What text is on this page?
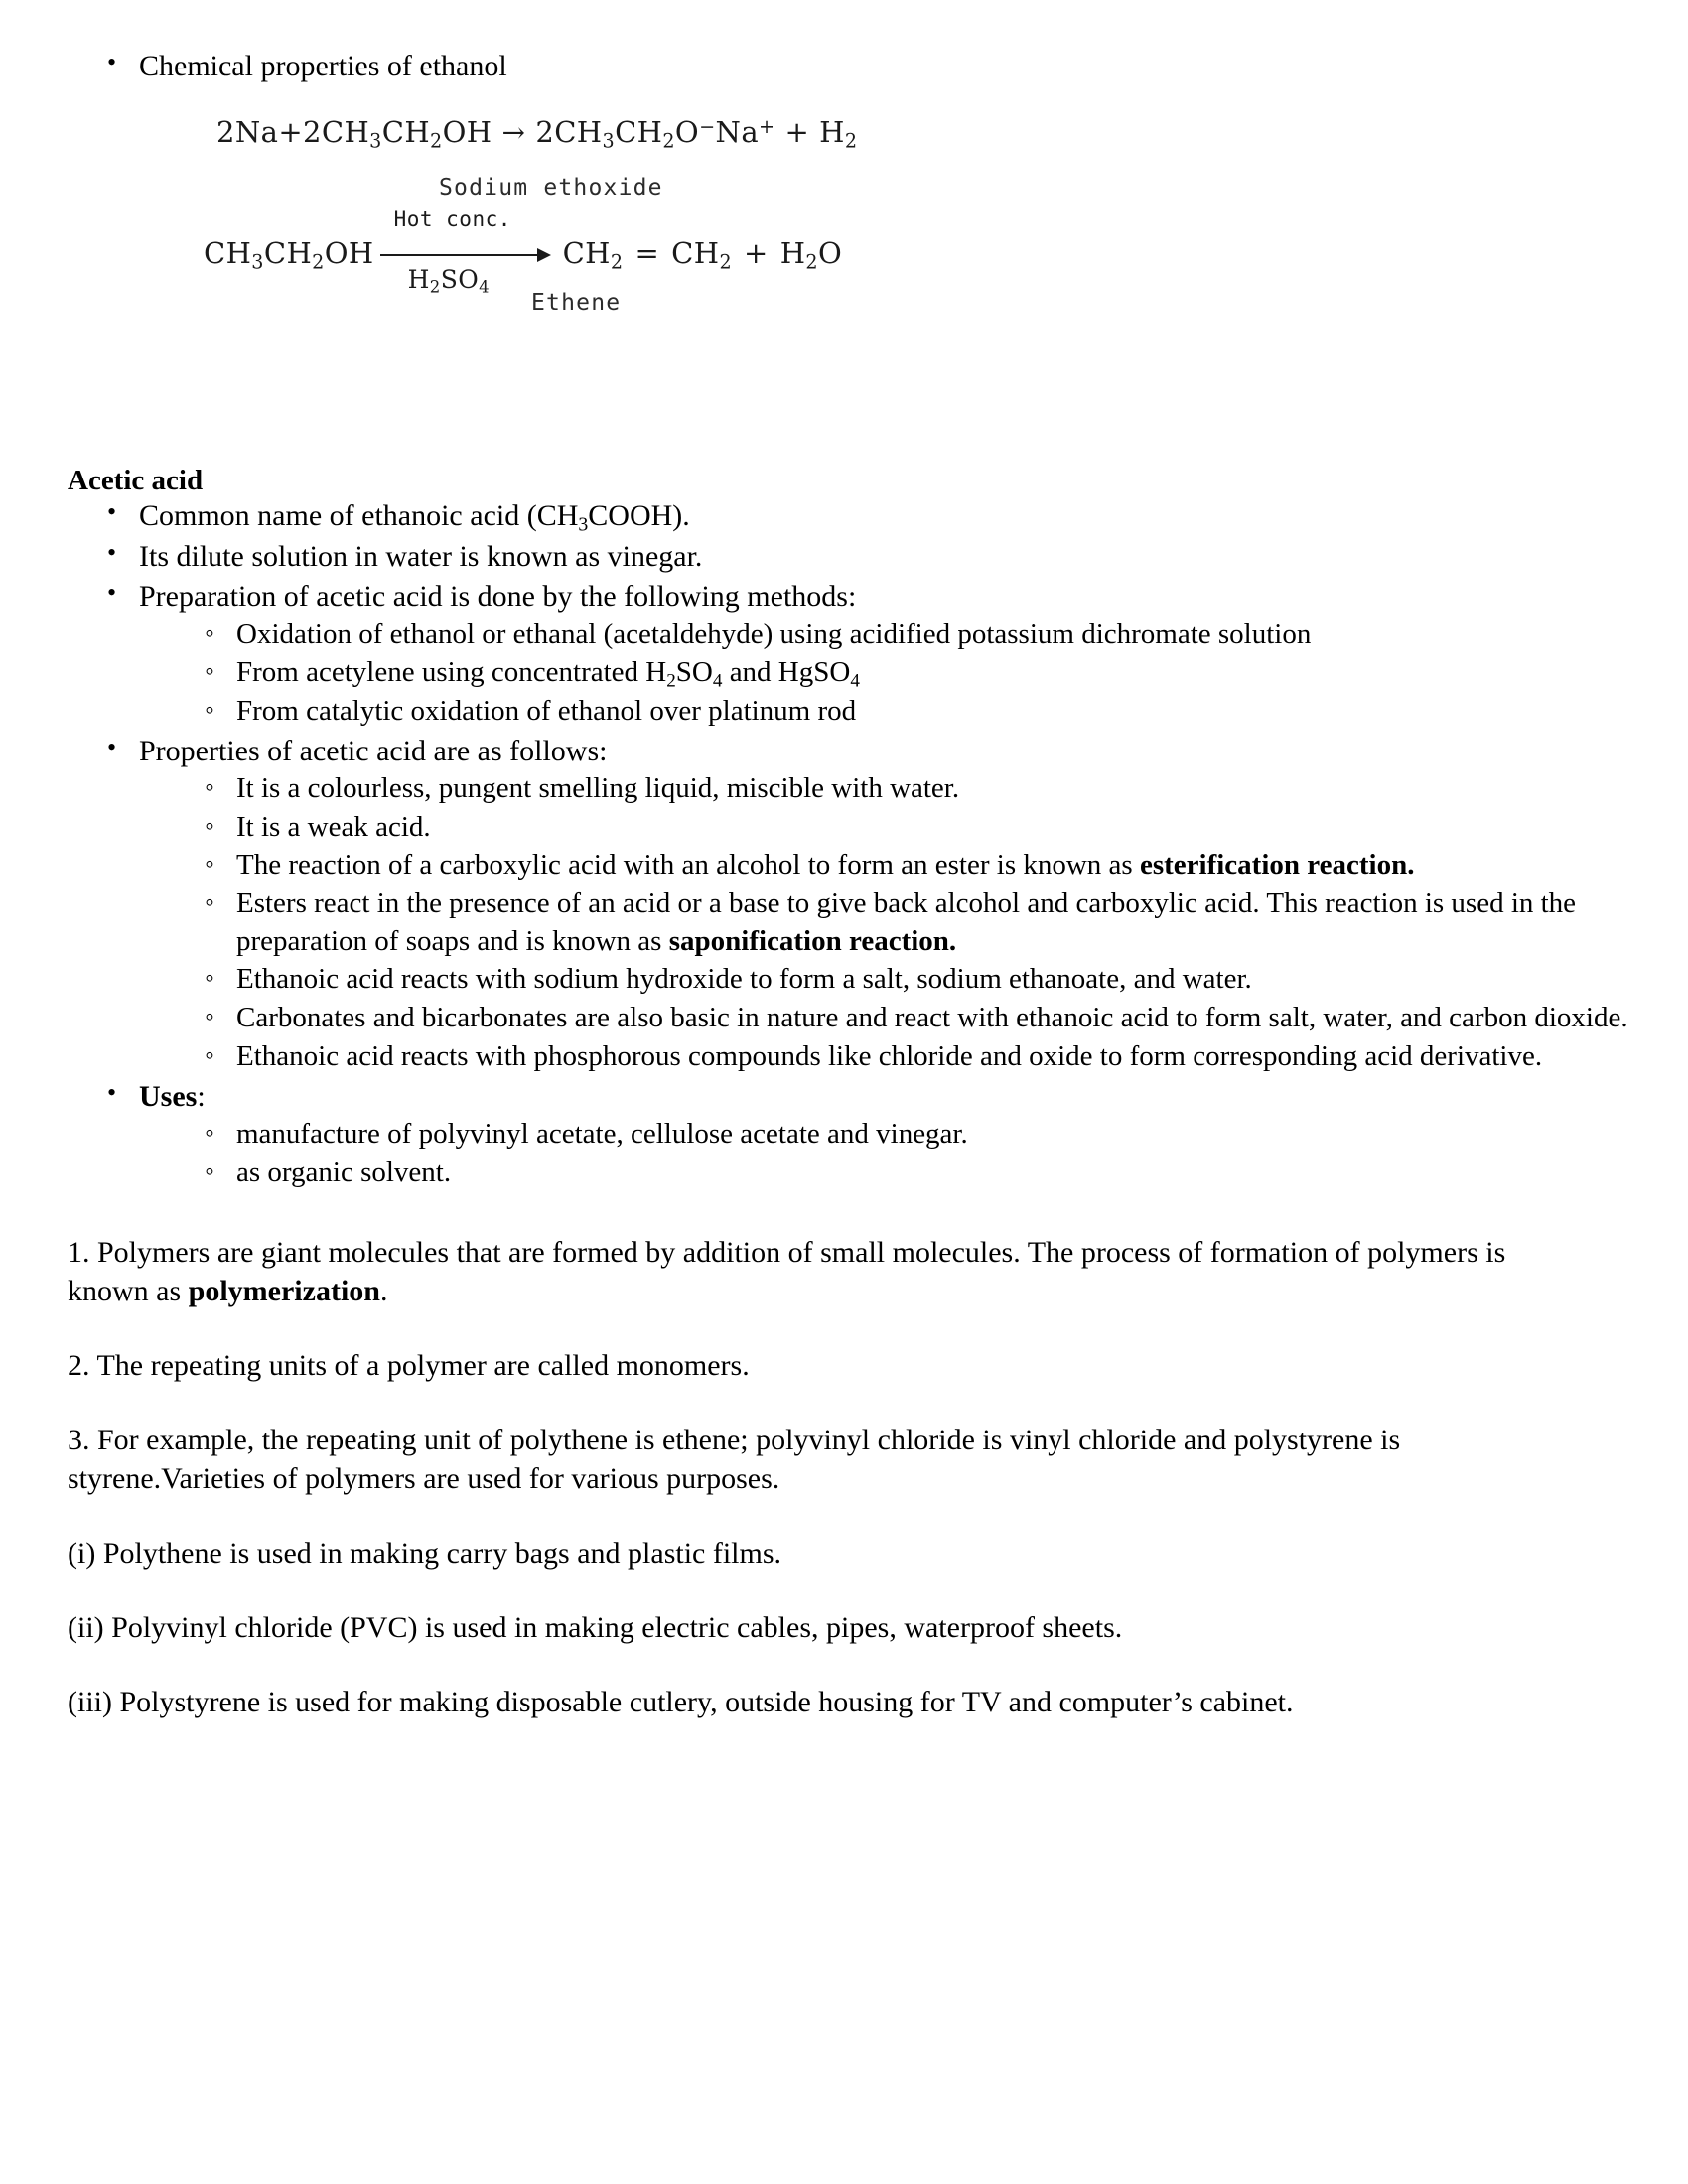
• Chemical properties of ethanol
$2Na+ 2CH_3CH_2OH \to 2CH_3CH_2O^-Na^+ + H_2$
Sodium ethoxide
$CH_3CH_2OH$
Hot conc.
$H_2SO_4$
$CH_2 = CH_2 + H_2O$
Ethene
Acetic acid
• Common name of ethanoic acid $(CH_3COOH)$.
• Its dilute solution in water is known as vinegar.
• Preparation of acetic acid is done by the following methods:
◦ Oxidation of ethanol or ethanal (acetaldehyde) using acidified potassium dichromate solution
◦ From acetylene using concentrated $H_2SO_4$ and HgSO$_4$
◦ From catalytic oxidation of ethanol over platinum rod
• Properties of acetic acid are as follows:
◦ It is a colourless, pungent smelling liquid, miscible with water.
◦ It is a weak acid.
◦ The reaction of a carboxylic acid with an alcohol to form an ester is known as esterification reaction.
◦ Esters react in the presence of an acid or a base to give back alcohol and carboxylic acid. This reaction is used in the preparation of soaps and is known as saponification reaction.
◦ Ethanoic acid reacts with sodium hydroxide to form a salt, sodium ethanoate, and water.
◦ Carbonates and bicarbonates are also basic in nature and react with ethanoic acid to form salt, water, and carbon dioxide.
◦ Ethanoic acid reacts with phosphorous compounds like chloride and oxide to form corresponding acid derivative.
• Uses:
◦ manufacture of polyvinyl acetate, cellulose acetate and vinegar.
◦ as organic solvent.

1. Polymers are giant molecules that are formed by addition of small molecules. The process of formation of polymers is known as polymerization.

2. The repeating units of a polymer are called monomers.

3. For example, the repeating unit of polythene is ethene; polyvinyl chloride is vinyl chloride and polystyrene is styrene.Varieties of polymers are used for various purposes.

(i) Polythene is used in making carry bags and plastic films.

(ii) Polyvinyl chloride (PVC) is used in making electric cables, pipes, waterproof sheets.

(iii) Polystyrene is used for making disposable cutlery, outside housing for TV and computer’s cabinet.
